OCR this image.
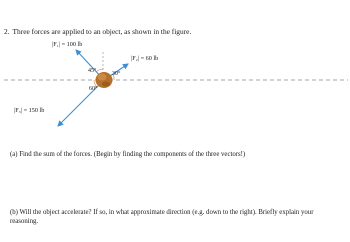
2. Three forces are applied to an object, as shown in the figure.
|F₁| = 100 lb
|F₂| = 60 lb
|F₃| = 150 lb
45°	30°
60°
(a) Find the sum of the forces. (Begin by finding the components of the three vectors!)
(b) Will the object accelerate? If so, in what approximate direction (e.g. down to the right). Briefly explain your reasoning.
